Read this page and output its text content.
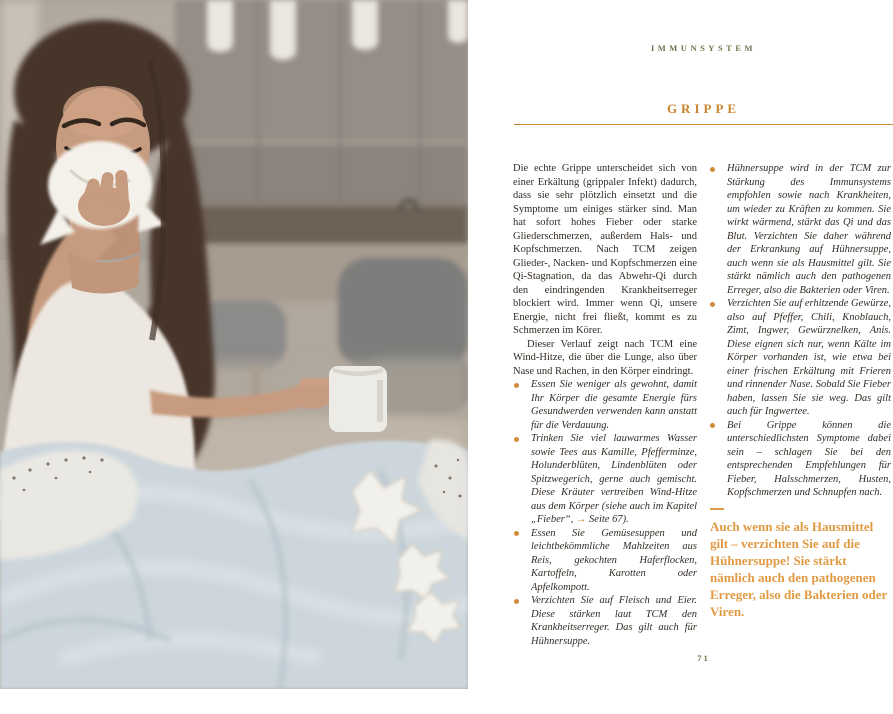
IMMUNSYSTEM
GRIPPE

Die echte Grippe unterscheidet sich von einer Erkältung (grippaler Infekt) dadurch, dass sie sehr plötzlich einsetzt und die Symptome um einiges stärker sind. Man hat sofort hohes Fieber oder starke Gliederschmerzen, außerdem Hals- und Kopfschmerzen. Nach TCM zeigen Glieder-, Nacken- und Kopfschmerzen eine Qi-Stagnation, da das Abwehr-Qi durch den eindringenden Krankheitserreger blockiert wird. Immer wenn Qi, unsere Energie, nicht frei fließt, kommt es zu Schmerzen im Körer.

Dieser Verlauf zeigt nach TCM eine Wind-Hitze, die über die Lunge, also über Nase und Rachen, in den Körper eindringt.

Essen Sie weniger als gewohnt, damit Ihr Körper die gesamte Energie fürs Gesundwerden verwenden kann anstatt für die Verdauung.
Trinken Sie viel lauwarmes Wasser sowie Tees aus Kamille, Pfefferminze, Holunderblüten, Lindenblüten oder Spitzwegerich, gerne auch gemischt. Diese Kräuter vertreiben Wind-Hitze aus dem Körper (siehe auch im Kapitel „Fieber“, → Seite 67).
Essen Sie Gemüsesuppen und leichtbekömmliche Mahlzeiten aus Reis, gekochten Haferflocken, Kartoffeln, Karotten oder Apfelkompott.
Verzichten Sie auf Fleisch und Eier. Diese stärken laut TCM den Krankheitserreger. Das gilt auch für Hühnersuppe.
Hühnersuppe wird in der TCM zur Stärkung des Immunsystems empfohlen sowie nach Krankheiten, um wieder zu Kräften zu kommen. Sie wirkt wärmend, stärkt das Qi und das Blut. Verzichten Sie daher während der Erkrankung auf Hühnersuppe, auch wenn sie als Hausmittel gilt. Sie stärkt nämlich auch den pathogenen Erreger, also die Bakterien oder Viren.
Verzichten Sie auf erhitzende Gewürze, also auf Pfeffer, Chili, Knoblauch, Zimt, Ingwer, Gewürznelken, Anis. Diese eignen sich nur, wenn Kälte im Körper vorhanden ist, wie etwa bei einer frischen Erkältung mit Frieren und rinnender Nase. Sobald Sie Fieber haben, lassen Sie sie weg. Das gilt auch für Ingwertee.
Bei Grippe können die unterschiedlichsten Symptome dabei sein – schlagen Sie bei den entsprechenden Empfehlungen für Fieber, Halsschmerzen, Husten, Kopfschmerzen und Schnupfen nach.
Auch wenn sie als Hausmittel gilt – verzichten Sie auf die Hühnersuppe! Sie stärkt nämlich auch den pathogenen Erreger, also die Bakterien oder Viren.
71
